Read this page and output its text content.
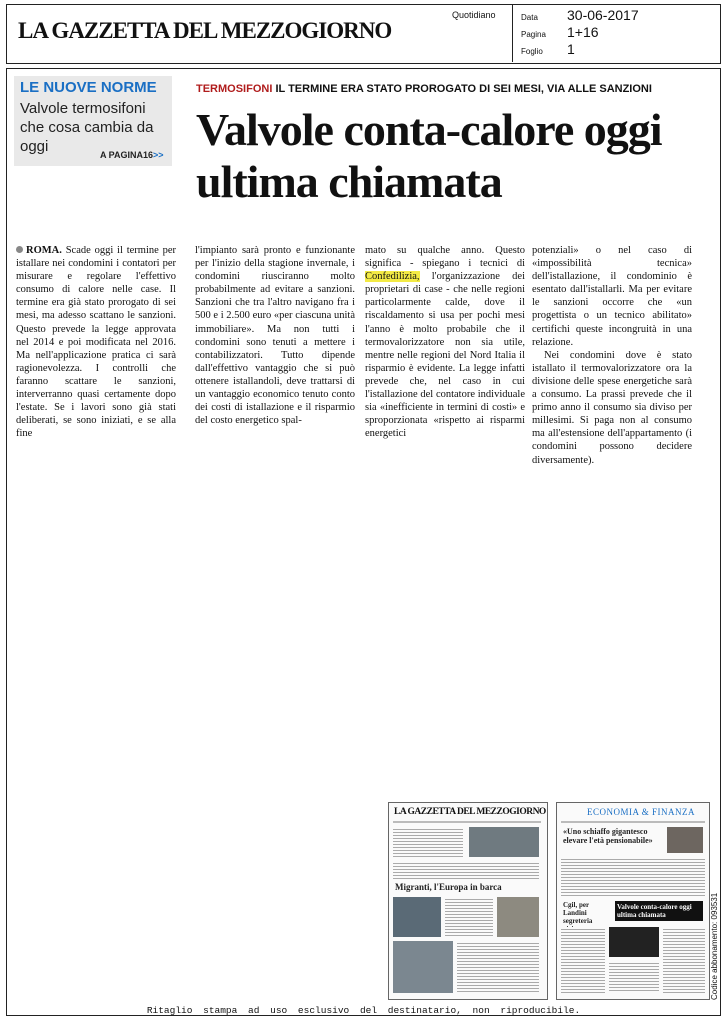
LA GAZZETTA DEL MEZZOGIORNO
Quotidiano	Data 30-06-2017
Pagina 1+16
Foglio 1
LE NUOVE NORME
Valvole termosifoni che cosa cambia da oggi	A PAGINA16>>
TERMOSIFONI IL TERMINE ERA STATO PROROGATO DI SEI MESI, VIA ALLE SANZIONI
Valvole conta-calore oggi ultima chiamata

ROMA. Scade oggi il termine per istallare nei condomini i contatori per misurare e regolare l'effettivo consumo di calore nelle case. Il termine era già stato prorogato di sei mesi, ma adesso scattano le sanzioni. Questo prevede la legge approvata nel 2014 e poi modificata nel 2016. Ma nell'applicazione pratica ci sarà ragionevolezza. I controlli che faranno scattare le sanzioni, interverranno quasi certamente dopo l'estate. Se i lavori sono già stati deliberati, se sono iniziati, e se alla fine

l'impianto sarà pronto e funzionante per l'inizio della stagione invernale, i condomini riusciranno molto probabilmente ad evitare a sanzioni. Sanzioni che tra l'altro navigano fra i 500 e i 2.500 euro «per ciascuna unità immobiliare». Ma non tutti i condomini sono tenuti a mettere i contabilizzatori. Tutto dipende dall'effettivo vantaggio che si può ottenere istallandoli, deve trattarsi di un vantaggio economico tenuto conto dei costi di istallazione e il risparmio del costo energetico spal-

mato su qualche anno. Questo significa - spiegano i tecnici di Confedilizia, l'organizzazione dei proprietari di case - che nelle regioni particolarmente calde, dove il riscaldamento si usa per pochi mesi l'anno è molto probabile che il termovalorizzatore non sia utile, mentre nelle regioni del Nord Italia il risparmio è evidente. La legge infatti prevede che, nel caso in cui l'istallazione del contatore individuale sia «inefficiente in termini di costi» e sproporzionata «rispetto ai risparmi energetici

potenziali» o nel caso di «impossibilità tecnica» dell'istallazione, il condominio è esentato dall'istallarli. Ma per evitare le sanzioni occorre che «un progettista o un tecnico abilitato» certifichi queste incongruità in una relazione.

Nei condomini dove è stato istallato il termovalorizzatore ora la divisione delle spese energetiche sarà a consumo. La prassi prevede che il primo anno il consumo sia diviso per millesimi. Si paga non al consumo ma all'estensione dell'appartamento (i condomini possono decidere diversamente).

LA GAZZETTA DEL MEZZOGIORNO
Migranti, l'Europa in barca
ECONOMIA & FINANZA
«Uno schiaffo gigantesco elevare l'età pensionabile»
Cgil, per Landini segreteria
Valvole conta-calore oggi ultima chiamata	Codice abbonamento: 093531
Ritaglio stampa ad uso esclusivo del destinatario, non riproducibile.
